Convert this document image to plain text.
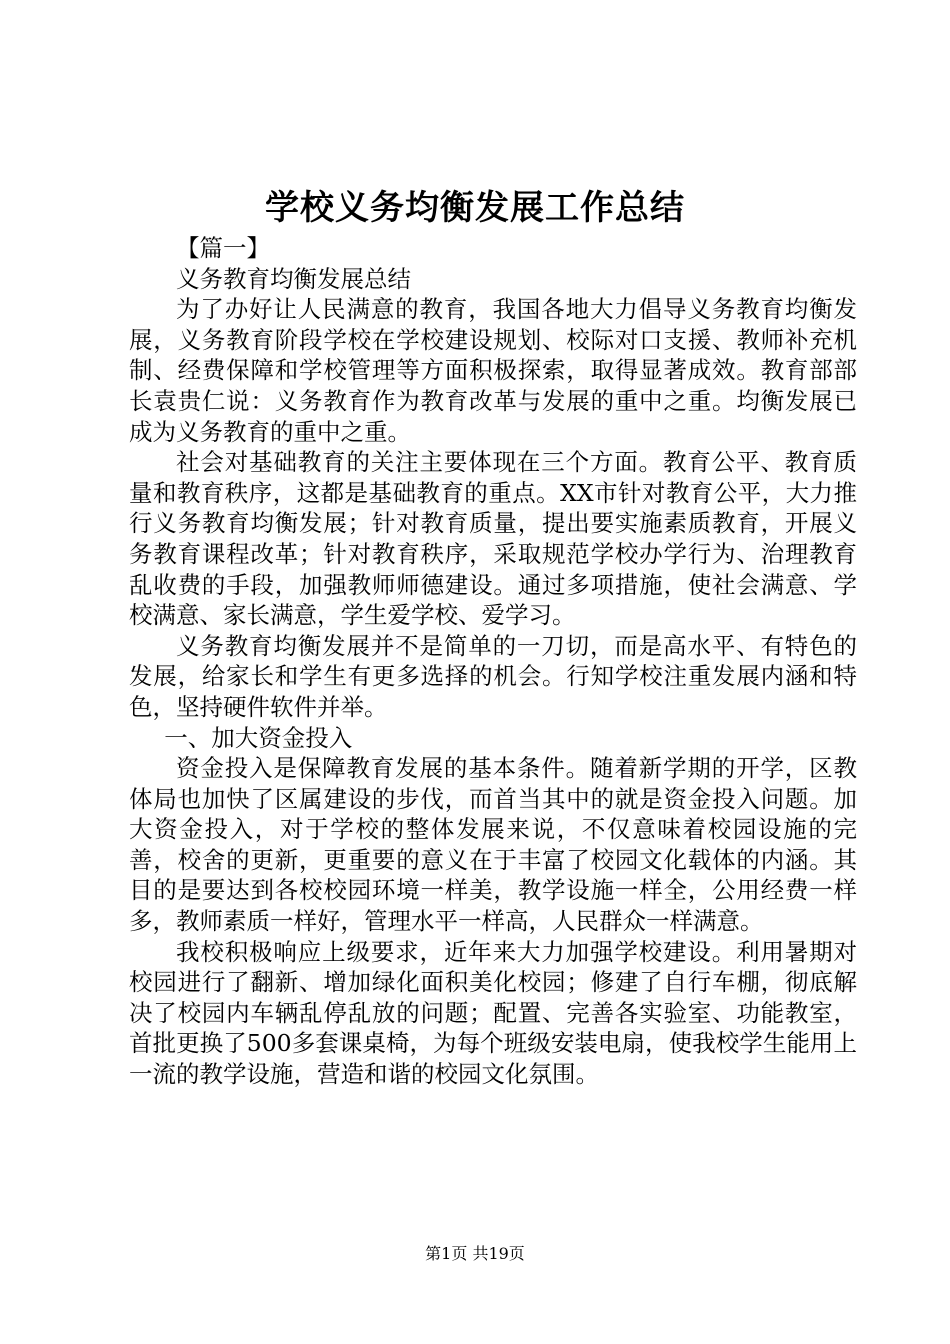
学校义务均衡发展工作总结

【篇一】

义务教育均衡发展总结

为了办好让人民满意的教育，我国各地大力倡导义务教育均衡发展，义务教育阶段学校在学校建设规划、校际对口支援、教师补充机制、经费保障和学校管理等方面积极探索，取得显著成效。教育部部长袁贵仁说：义务教育作为教育改革与发展的重中之重。均衡发展已成为义务教育的重中之重。

社会对基础教育的关注主要体现在三个方面。教育公平、教育质量和教育秩序，这都是基础教育的重点。XX市针对教育公平，大力推行义务教育均衡发展；针对教育质量，提出要实施素质教育，开展义务教育课程改革；针对教育秩序，采取规范学校办学行为、治理教育乱收费的手段，加强教师师德建设。通过多项措施，使社会满意、学校满意、家长满意，学生爱学校、爱学习。

义务教育均衡发展并不是简单的一刀切，而是高水平、有特色的发展，给家长和学生有更多选择的机会。行知学校注重发展内涵和特色，坚持硬件软件并举。

一、加大资金投入

资金投入是保障教育发展的基本条件。随着新学期的开学，区教体局也加快了区属建设的步伐，而首当其中的就是资金投入问题。加大资金投入，对于学校的整体发展来说，不仅意味着校园设施的完善，校舍的更新，更重要的意义在于丰富了校园文化载体的内涵。其目的是要达到各校校园环境一样美，教学设施一样全，公用经费一样多，教师素质一样好，管理水平一样高，人民群众一样满意。

我校积极响应上级要求，近年来大力加强学校建设。利用暑期对校园进行了翻新、增加绿化面积美化校园；修建了自行车棚，彻底解决了校园内车辆乱停乱放的问题；配置、完善各实验室、功能教室，首批更换了500多套课桌椅，为每个班级安装电扇，使我校学生能用上一流的教学设施，营造和谐的校园文化氛围。

第1页 共19页
